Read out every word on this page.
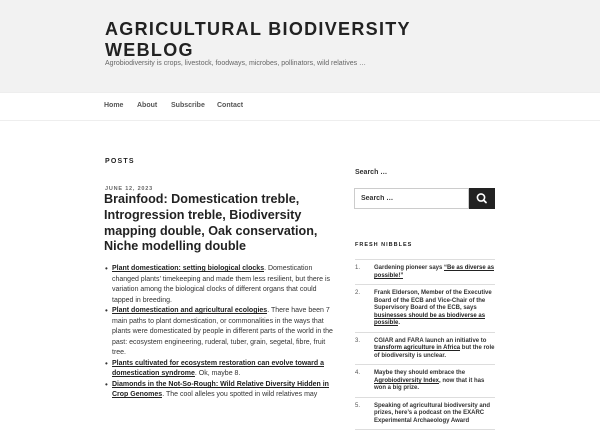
AGRICULTURAL BIODIVERSITY WEBLOG
Agrobiodiversity is crops, livestock, foodways, microbes, pollinators, wild relatives …
Home About Subscribe Contact
POSTS
JUNE 12, 2023
Brainfood: Domestication treble, Introgression treble, Biodiversity mapping double, Oak conservation, Niche modelling double
• Plant domestication: setting biological clocks. Domestication changed plants’ timekeeping and made them less resilient, but there is variation among the biological clocks of different organs that could tapped in breeding.
• Plant domestication and agricultural ecologies. There have been 7 main paths to plant domestication, or commonalities in the ways that plants were domesticated by people in different parts of the world in the past: ecosystem engineering, ruderal, tuber, grain, segetal, fibre, fruit tree.
• Plants cultivated for ecosystem restoration can evolve toward a domestication syndrome. Ok, maybe 8.
• Diamonds in the Not-So-Rough: Wild Relative Diversity Hidden in Crop Genomes. The cool alleles you spotted in wild relatives may
Search …
Search …
FRESH NIBBLES
1. Gardening pioneer says “Be as diverse as possible!”
2. Frank Elderson, Member of the Executive Board of the ECB and Vice-Chair of the Supervisory Board of the ECB, says businesses should be as biodiverse as possible.
3. CGIAR and FARA launch an initiative to transform agriculture in Africa but the role of biodiversity is unclear.
4. Maybe they should embrace the Agrobiodiversity Index, now that it has won a big prize.
5. Speaking of agricultural biodiversity and prizes, here’s a podcast on the EXARC Experimental Archaeology Award
